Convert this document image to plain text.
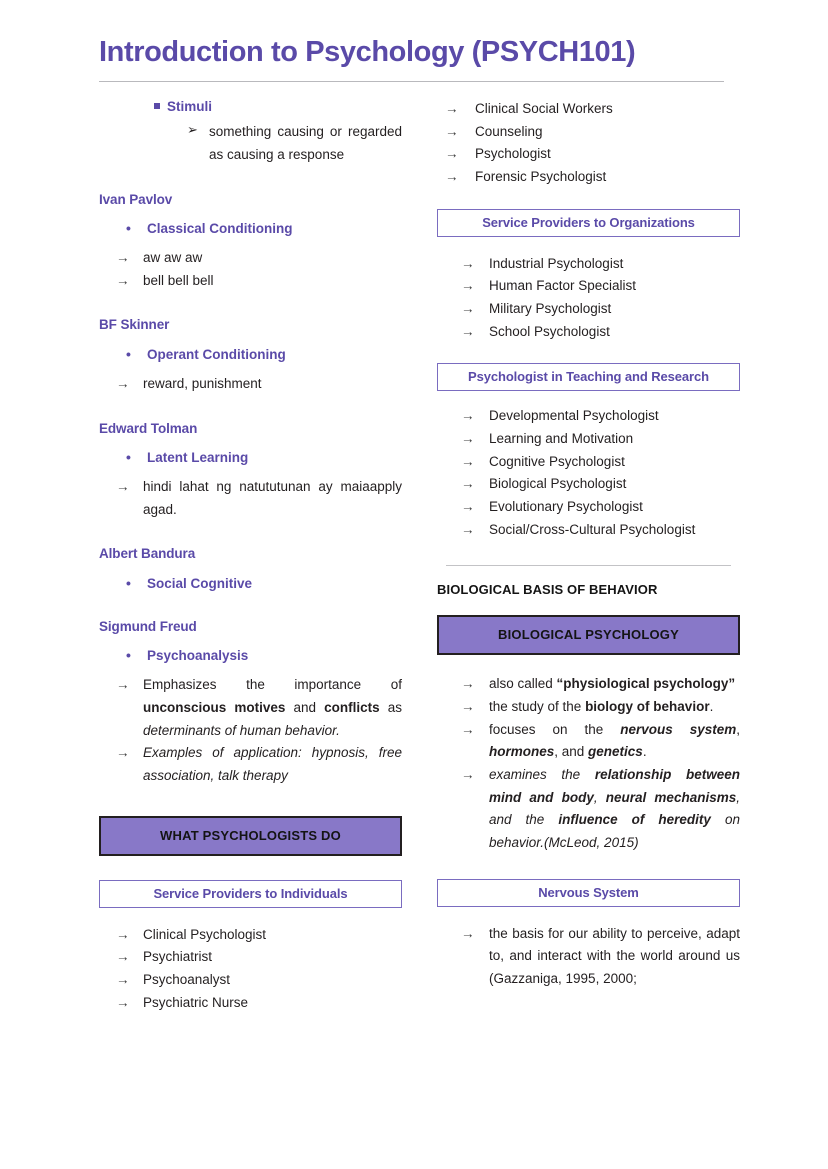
Introduction to Psychology (PSYCH101)
Stimuli
➢ something causing or regarded as causing a response
Ivan Pavlov
• Classical Conditioning
→ aw aw aw
→ bell bell bell
BF Skinner
• Operant Conditioning
→ reward, punishment
Edward Tolman
• Latent Learning
→ hindi lahat ng natututunan ay maiaapply agad.
Albert Bandura
• Social Cognitive
Sigmund Freud
• Psychoanalysis
→ Emphasizes the importance of unconscious motives and conflicts as determinants of human behavior.
→ Examples of application: hypnosis, free association, talk therapy
WHAT PSYCHOLOGISTS DO
Service Providers to Individuals
→ Clinical Psychologist
→ Psychiatrist
→ Psychoanalyst
→ Psychiatric Nurse
→ Clinical Social Workers
→ Counseling
→ Psychologist
→ Forensic Psychologist
Service Providers to Organizations
→ Industrial Psychologist
→ Human Factor Specialist
→ Military Psychologist
→ School Psychologist
Psychologist in Teaching and Research
→ Developmental Psychologist
→ Learning and Motivation
→ Cognitive Psychologist
→ Biological Psychologist
→ Evolutionary Psychologist
→ Social/Cross-Cultural Psychologist
BIOLOGICAL BASIS OF BEHAVIOR
BIOLOGICAL PSYCHOLOGY
→ also called “physiological psychology”
→ the study of the biology of behavior.
→ focuses on the nervous system, hormones, and genetics.
→ examines the relationship between mind and body, neural mechanisms, and the influence of heredity on behavior.(McLeod, 2015)
Nervous System
→ the basis for our ability to perceive, adapt to, and interact with the world around us (Gazzaniga, 1995, 2000;
